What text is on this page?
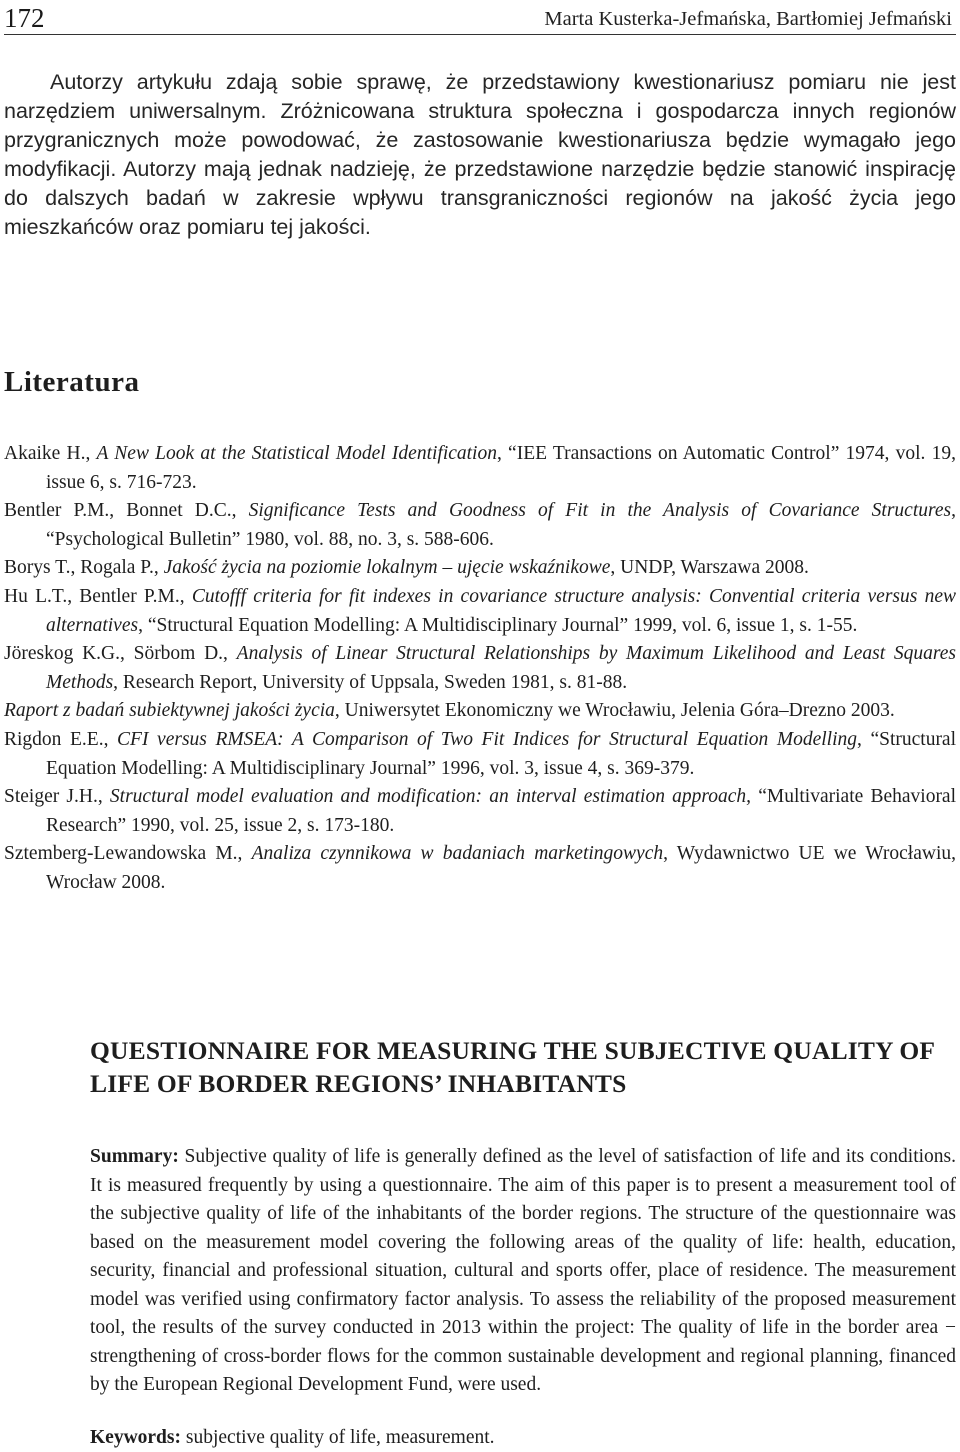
172	Marta Kusterka-Jefmańska, Bartłomiej Jefmański

Autorzy artykułu zdają sobie sprawę, że przedstawiony kwestionariusz pomiaru nie jest narzędziem uniwersalnym. Zróżnicowana struktura społeczna i gospodarcza innych regionów przygranicznych może powodować, że zastosowanie kwestionariusza będzie wymagało jego modyfikacji. Autorzy mają jednak nadzieję, że przedstawione narzędzie będzie stanowić inspirację do dalszych badań w zakresie wpływu transgraniczności regionów na jakość życia jego mieszkańców oraz pomiaru tej jakości.

Literatura
Akaike H., A New Look at the Statistical Model Identification, “IEE Transactions on Automatic Control” 1974, vol. 19, issue 6, s. 716-723.
Bentler P.M., Bonnet D.C., Significance Tests and Goodness of Fit in the Analysis of Covariance Structures, “Psychological Bulletin” 1980, vol. 88, no. 3, s. 588-606.
Borys T., Rogala P., Jakość życia na poziomie lokalnym – ujęcie wskaźnikowe, UNDP, Warszawa 2008.
Hu L.T., Bentler P.M., Cutofff criteria for fit indexes in covariance structure analysis: Convential criteria versus new alternatives, “Structural Equation Modelling: A Multidisciplinary Journal” 1999, vol. 6, issue 1, s. 1-55.
Jöreskog K.G., Sörbom D., Analysis of Linear Structural Relationships by Maximum Likelihood and Least Squares Methods, Research Report, University of Uppsala, Sweden 1981, s. 81-88.
Raport z badań subiektywnej jakości życia, Uniwersytet Ekonomiczny we Wrocławiu, Jelenia Góra–Drezno 2003.
Rigdon E.E., CFI versus RMSEA: A Comparison of Two Fit Indices for Structural Equation Modelling, “Structural Equation Modelling: A Multidisciplinary Journal” 1996, vol. 3, issue 4, s. 369-379.
Steiger J.H., Structural model evaluation and modification: an interval estimation approach, “Multivariate Behavioral Research” 1990, vol. 25, issue 2, s. 173-180.
Sztemberg-Lewandowska M., Analiza czynnikowa w badaniach marketingowych, Wydawnictwo UE we Wrocławiu, Wrocław 2008.
QUESTIONNAIRE FOR MEASURING THE SUBJECTIVE QUALITY OF LIFE OF BORDER REGIONS’ INHABITANTS

Summary: Subjective quality of life is generally defined as the level of satisfaction of life and its conditions. It is measured frequently by using a questionnaire. The aim of this paper is to present a measurement tool of the subjective quality of life of the inhabitants of the border regions. The structure of the questionnaire was based on the measurement model covering the following areas of the quality of life: health, education, security, financial and professional situation, cultural and sports offer, place of residence. The measurement model was verified using confirmatory factor analysis. To assess the reliability of the proposed measurement tool, the results of the survey conducted in 2013 within the project: The quality of life in the border area − strengthening of cross-border flows for the common sustainable development and regional planning, financed by the European Regional Development Fund, were used.

Keywords: subjective quality of life, measurement.
